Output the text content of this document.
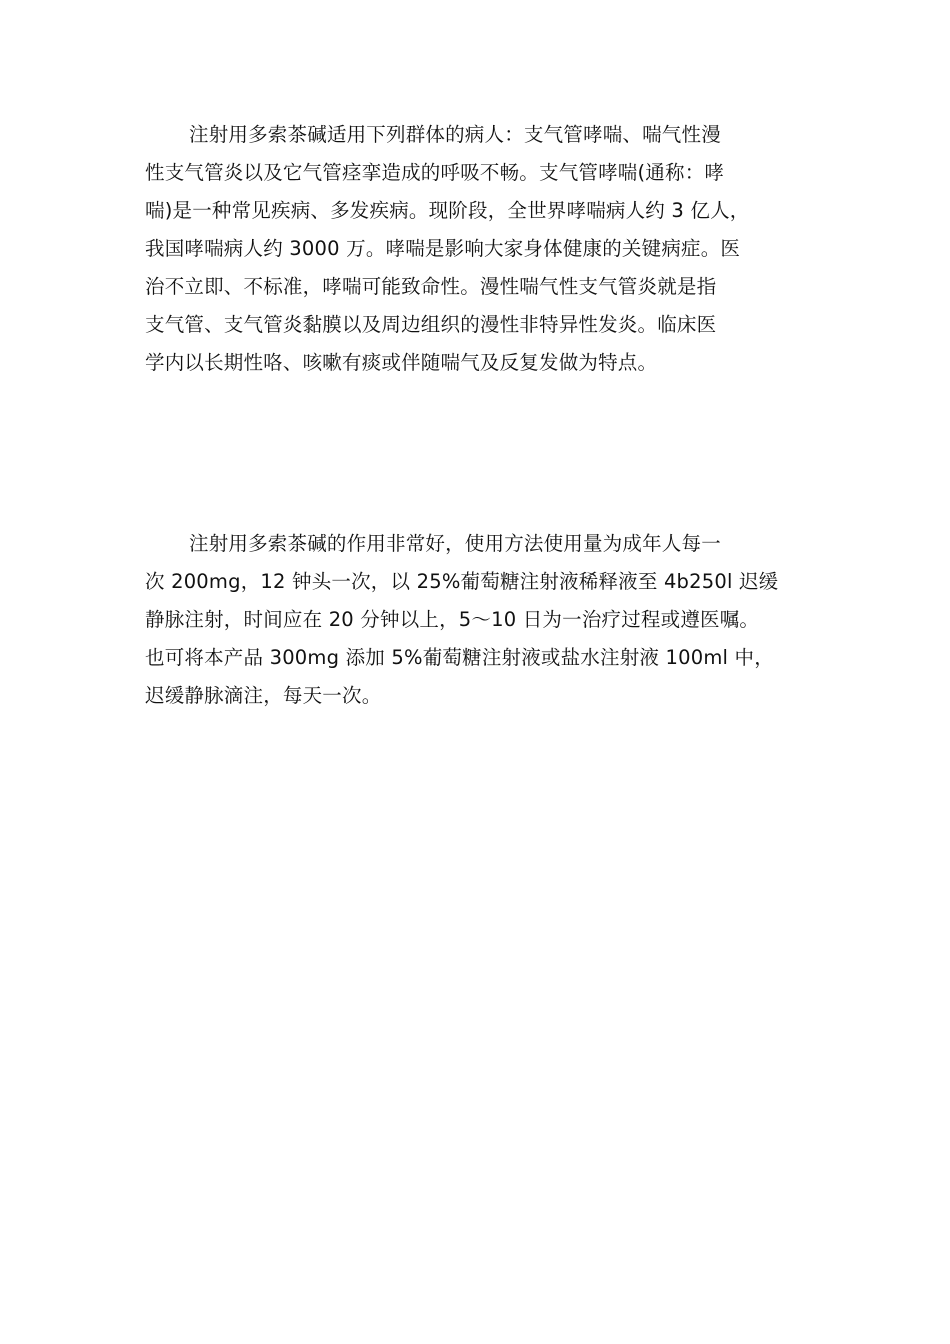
注射用多索茶碱适用下列群体的病人：支气管哮喘、喘气性漫
性支气管炎以及它气管痉挛造成的呼吸不畅。支气管哮喘(通称：哮
喘)是一种常见疾病、多发疾病。现阶段，全世界哮喘病人约 3 亿人，
我国哮喘病人约 3000 万。哮喘是影响大家身体健康的关键病症。医
治不立即、不标准，哮喘可能致命性。漫性喘气性支气管炎就是指
支气管、支气管炎黏膜以及周边组织的漫性非特异性发炎。临床医
学内以长期性咯、咳嗽有痰或伴随喘气及反复发做为特点。

注射用多索茶碱的作用非常好，使用方法使用量为成年人每一
次 200mg，12 钟头一次，以 25%葡萄糖注射液稀释液至 4b250l 迟缓
静脉注射，时间应在 20 分钟以上，5～10 日为一治疗过程或遵医嘱。
也可将本产品 300mg 添加 5%葡萄糖注射液或盐水注射液 100ml 中，
迟缓静脉滴注，每天一次。
